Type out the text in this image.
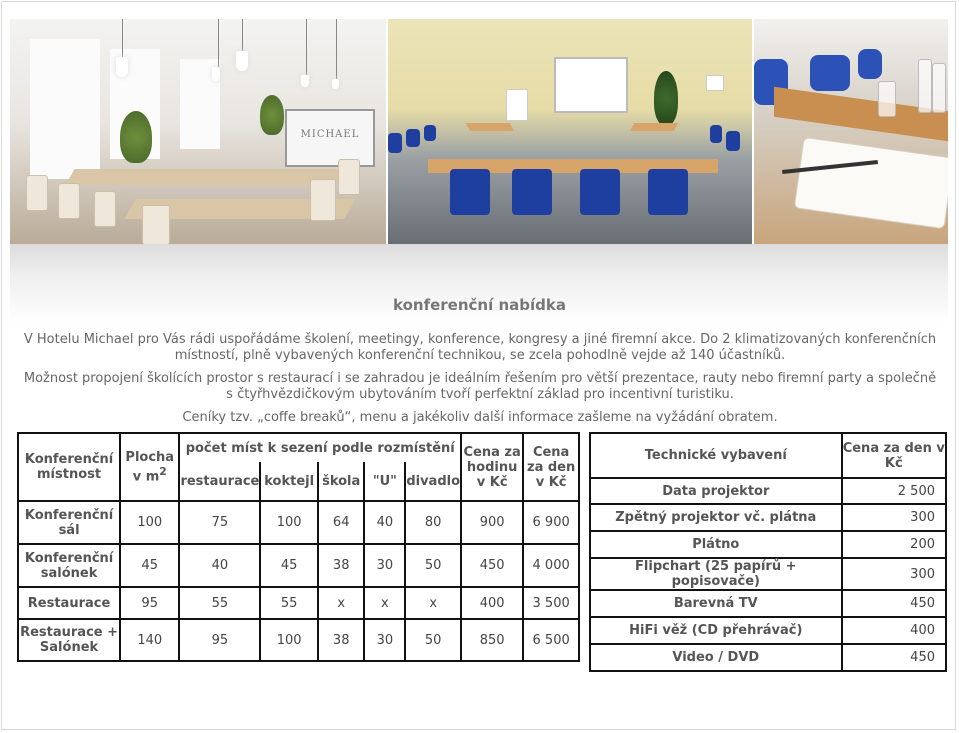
MICHAEL
konferenční nabídka
V Hotelu Michael pro Vás rádi uspořádáme školení, meetingy, konference, kongresy a jiné firemní akce. Do 2 klimatizovaných konferenčních místností, plně vybavených konferenční technikou, se zcela pohodlně vejde až 140 účastníků.
Možnost propojení školících prostor s restaurací i se zahradou je ideálním řešením pro větší prezentace, rauty nebo firemní party a společně s čtyřhvězdičkovým ubytováním tvoří perfektní základ pro incentivní turistiku.
Ceníky tzv. „coffe breaků“, menu a jakékoliv další informace zašleme na vyžádání obratem.
Konferenční místnost	Plocha v $m^2$	počet míst k sezení podle rozmístění					Cena za hodinu v Kč	Cena za den v Kč
		restaurace	koktejl	škola	"U"	divadlo		
Konferenční sál	100	75	100	64	40	80	900	6 900
Konferenční salónek	45	40	45	38	30	50	450	4 000
Restaurace	95	55	55	x	x	x	400	3 500
Restaurace + Salónek	140	95	100	38	30	50	850	6 500
Technické vybavení	Cena za den v Kč
Data projektor	2 500
Zpětný projektor vč. plátna	300
Plátno	200
Flipchart (25 papírů + popisovače)	300
Barevná TV	450
HiFi věž (CD přehrávač)	400
Video / DVD	450
